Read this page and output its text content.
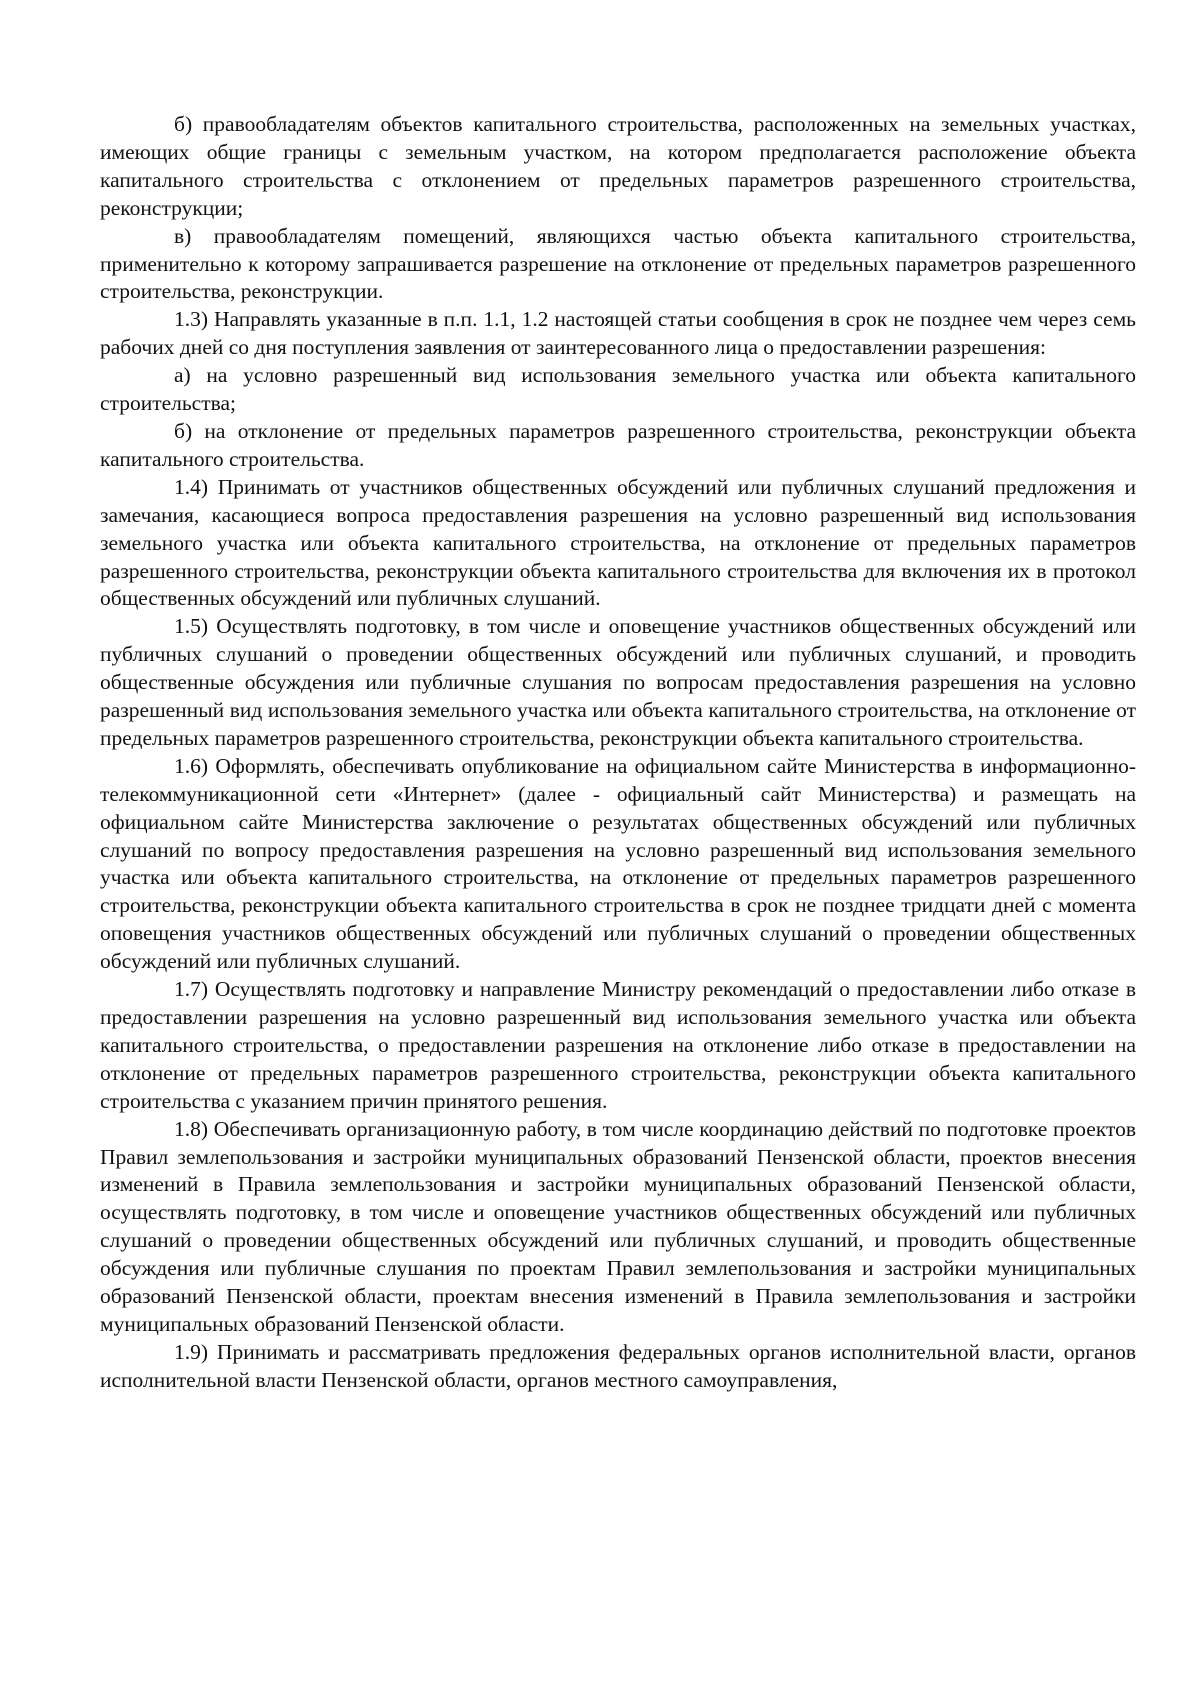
б) правообладателям объектов капитального строительства, расположенных на земельных участках, имеющих общие границы с земельным участком, на котором предполагается расположение объекта капитального строительства с отклонением от предельных параметров разрешенного строительства, реконструкции;

в) правообладателям помещений, являющихся частью объекта капитального строительства, применительно к которому запрашивается разрешение на отклонение от предельных параметров разрешенного строительства, реконструкции.

1.3) Направлять указанные в п.п. 1.1, 1.2 настоящей статьи сообщения в срок не позднее чем через семь рабочих дней со дня поступления заявления от заинтересованного лица о предоставлении разрешения:

а) на условно разрешенный вид использования земельного участка или объекта капитального строительства;

б) на отклонение от предельных параметров разрешенного строительства, реконструкции объекта капитального строительства.

1.4) Принимать от участников общественных обсуждений или публичных слушаний предложения и замечания, касающиеся вопроса предоставления разрешения на условно разрешенный вид использования земельного участка или объекта капитального строительства, на отклонение от предельных параметров разрешенного строительства, реконструкции объекта капитального строительства для включения их в протокол общественных обсуждений или публичных слушаний.

1.5) Осуществлять подготовку, в том числе и оповещение участников общественных обсуждений или публичных слушаний о проведении общественных обсуждений или публичных слушаний, и проводить общественные обсуждения или публичные слушания по вопросам предоставления разрешения на условно разрешенный вид использования земельного участка или объекта капитального строительства, на отклонение от предельных параметров разрешенного строительства, реконструкции объекта капитального строительства.

1.6) Оформлять, обеспечивать опубликование на официальном сайте Министерства в информационно-телекоммуникационной сети «Интернет» (далее - официальный сайт Министерства) и размещать на официальном сайте Министерства заключение о результатах общественных обсуждений или публичных слушаний по вопросу предоставления разрешения на условно разрешенный вид использования земельного участка или объекта капитального строительства, на отклонение от предельных параметров разрешенного строительства, реконструкции объекта капитального строительства в срок не позднее тридцати дней с момента оповещения участников общественных обсуждений или публичных слушаний о проведении общественных обсуждений или публичных слушаний.

1.7) Осуществлять подготовку и направление Министру рекомендаций о предоставлении либо отказе в предоставлении разрешения на условно разрешенный вид использования земельного участка или объекта капитального строительства, о предоставлении разрешения на отклонение либо отказе в предоставлении на отклонение от предельных параметров разрешенного строительства, реконструкции объекта капитального строительства с указанием причин принятого решения.

1.8) Обеспечивать организационную работу, в том числе координацию действий по подготовке проектов Правил землепользования и застройки муниципальных образований Пензенской области, проектов внесения изменений в Правила землепользования и застройки муниципальных образований Пензенской области, осуществлять подготовку, в том числе и оповещение участников общественных обсуждений или публичных слушаний о проведении общественных обсуждений или публичных слушаний, и проводить общественные обсуждения или публичные слушания по проектам Правил землепользования и застройки муниципальных образований Пензенской области, проектам внесения изменений в Правила землепользования и застройки муниципальных образований Пензенской области.

1.9) Принимать и рассматривать предложения федеральных органов исполнительной власти, органов исполнительной власти Пензенской области, органов местного самоуправления,
